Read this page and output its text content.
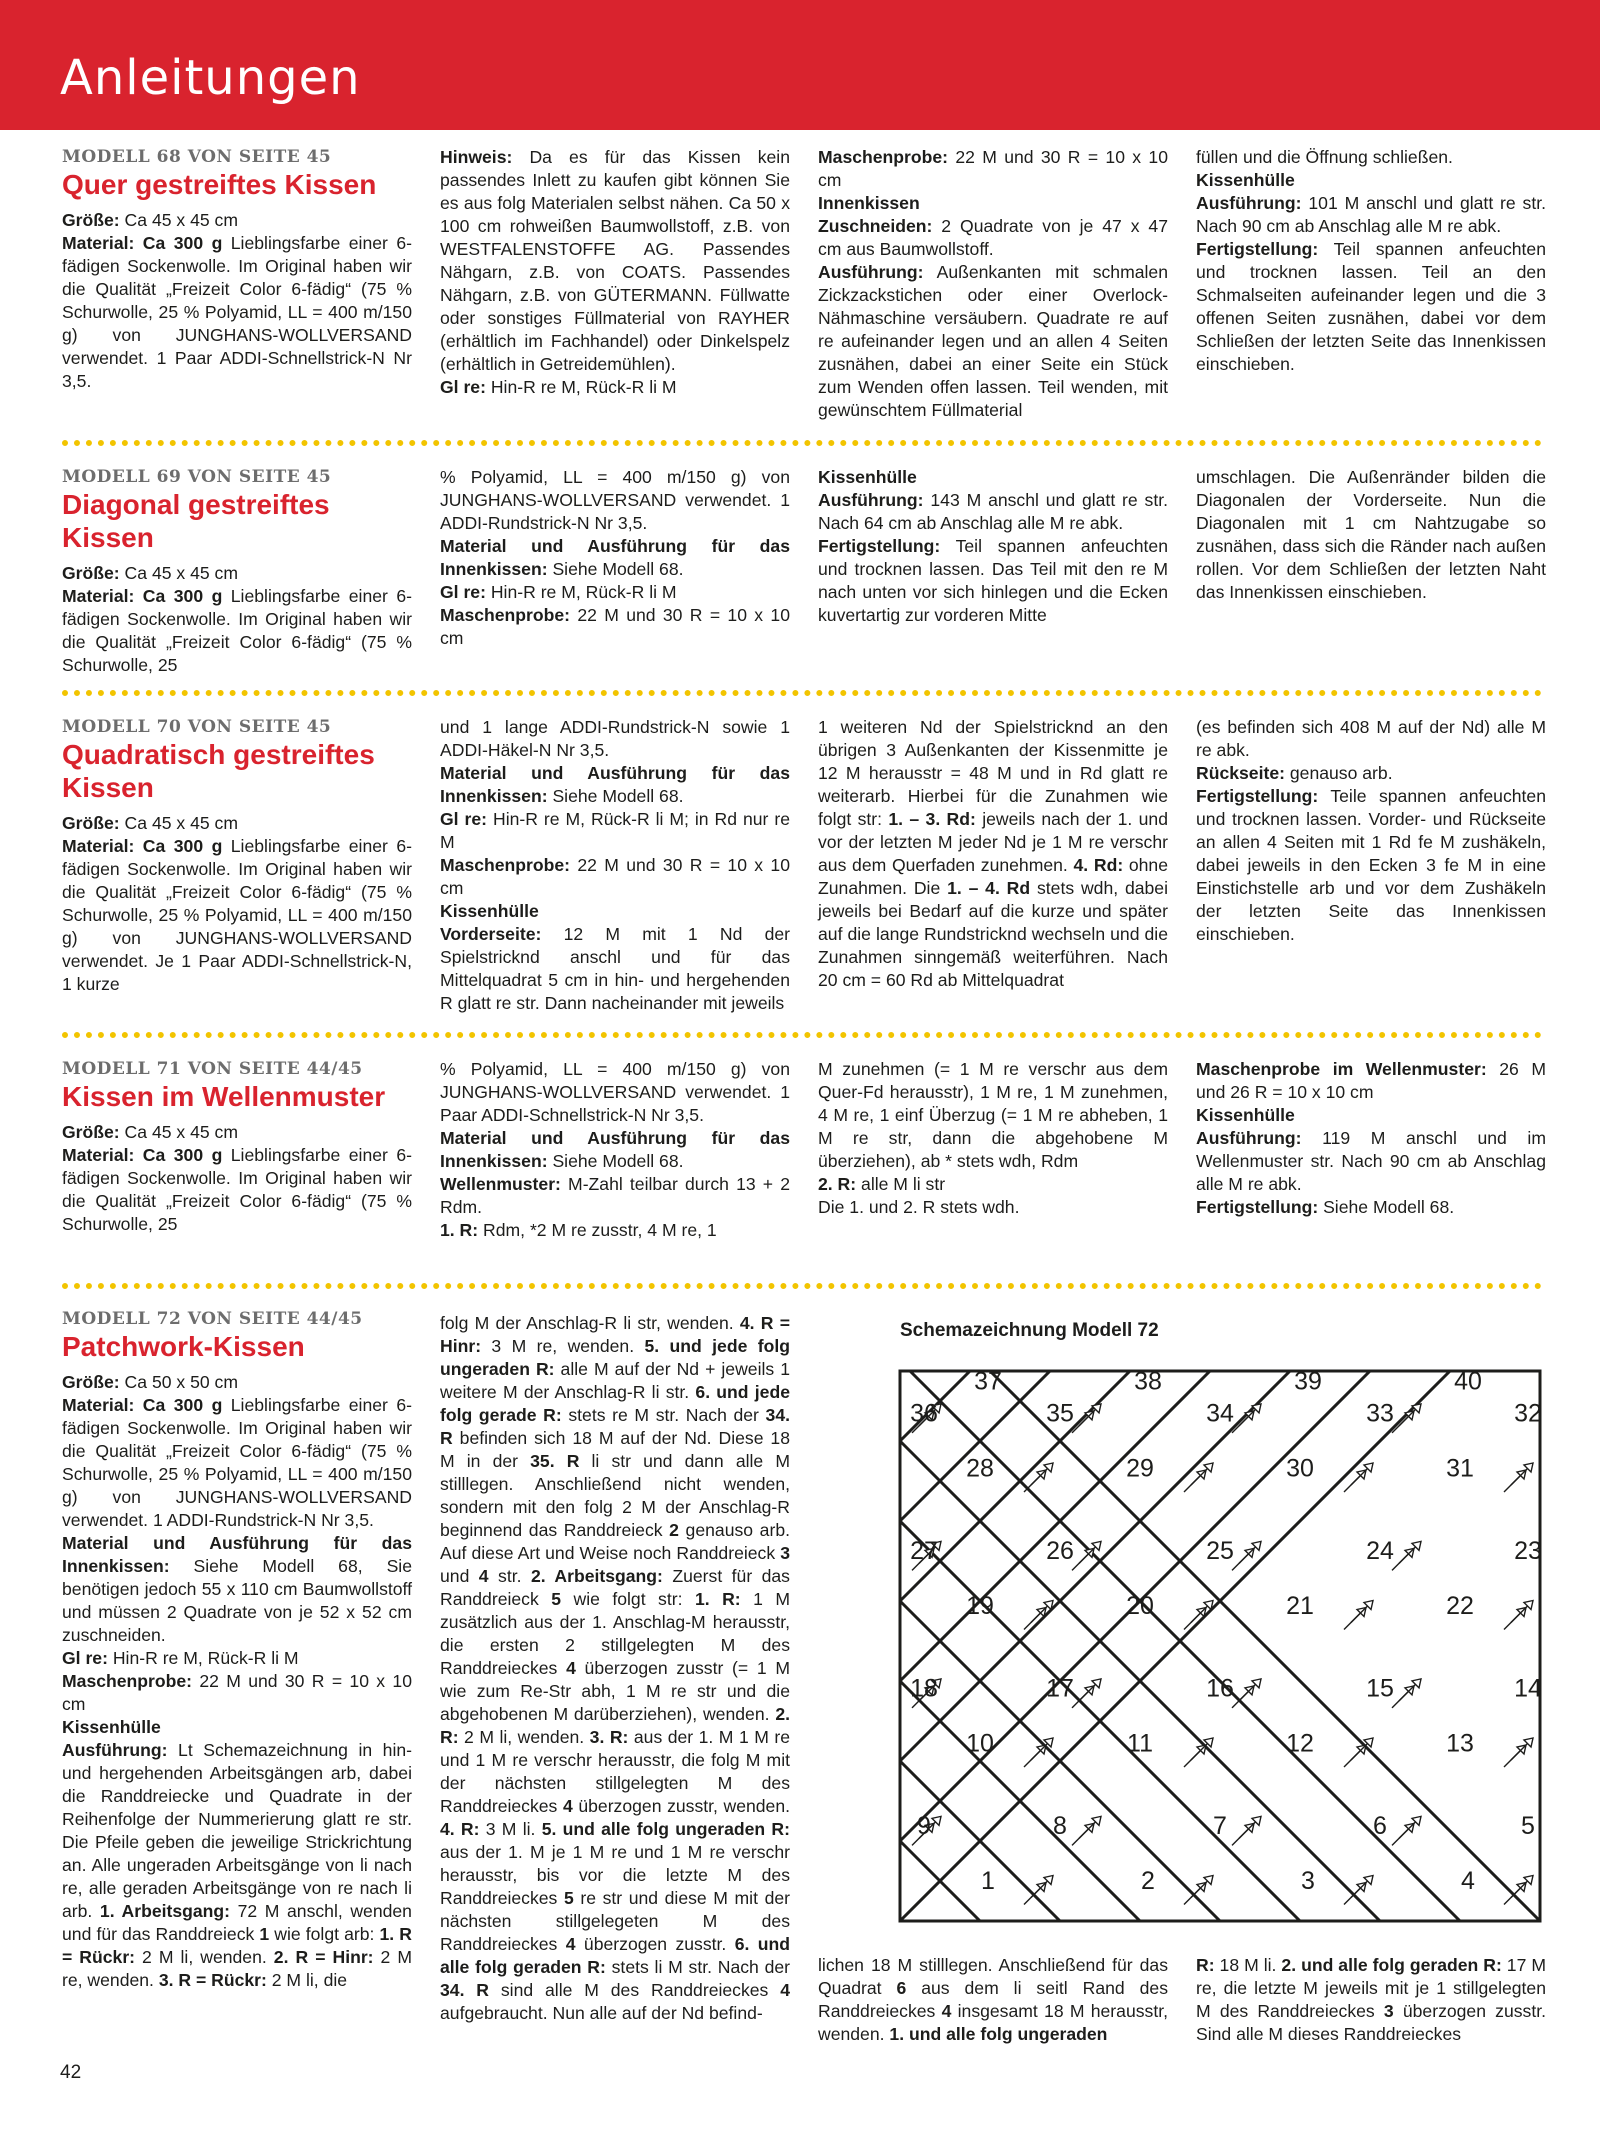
Anleitungen
MODELL 68 VON SEITE 45
Quer gestreiftes Kissen

Größe: Ca 45 x 45 cm

Material: Ca 300 g Lieblingsfarbe einer 6-fädigen Sockenwolle. Im Original haben wir die Qualität „Freizeit Color 6-fädig“ (75 % Schurwolle, 25 % Polyamid, LL = 400 m/150 g) von JUNGHANS-WOLLVERSAND verwendet. 1 Paar ADDI-Schnellstrick-N Nr 3,5.

Hinweis: Da es für das Kissen kein passendes Inlett zu kaufen gibt können Sie es aus folg Materialen selbst nähen. Ca 50 x 100 cm rohweißen Baumwollstoff, z.B. von WESTFALENSTOFFE AG. Passendes Nähgarn, z.B. von COATS. Passendes Nähgarn, z.B. von GÜTERMANN. Füllwatte oder sonstiges Füllmaterial von RAYHER (erhältlich im Fachhandel) oder Dinkelspelz (erhältlich in Getreidemühlen).

Gl re: Hin-R re M, Rück-R li M

Maschenprobe: 22 M und 30 R = 10 x 10 cm

Innenkissen

Zuschneiden: 2 Quadrate von je 47 x 47 cm aus Baumwollstoff.

Ausführung: Außenkanten mit schmalen Zickzackstichen oder einer Overlock-Nähmaschine versäubern. Quadrate re auf re aufeinander legen und an allen 4 Seiten zusnähen, dabei an einer Seite ein Stück zum Wenden offen lassen. Teil wenden, mit gewünschtem Füllmaterial

füllen und die Öffnung schließen.

Kissenhülle

Ausführung: 101 M anschl und glatt re str. Nach 90 cm ab Anschlag alle M re abk.

Fertigstellung: Teil spannen anfeuchten und trocknen lassen. Teil an den Schmalseiten aufeinander legen und die 3 offenen Seiten zusnähen, dabei vor dem Schließen der letzten Seite das Innenkissen einschieben.

MODELL 69 VON SEITE 45
Diagonal gestreiftes Kissen

Größe: Ca 45 x 45 cm

Material: Ca 300 g Lieblingsfarbe einer 6-fädigen Sockenwolle. Im Original haben wir die Qualität „Freizeit Color 6-fädig“ (75 % Schurwolle, 25

% Polyamid, LL = 400 m/150 g) von JUNGHANS-WOLLVERSAND verwendet. 1 ADDI-Rundstrick-N Nr 3,5.

Material und Ausführung für das Innenkissen: Siehe Modell 68.

Gl re: Hin-R re M, Rück-R li M

Maschenprobe: 22 M und 30 R = 10 x 10 cm

Kissenhülle

Ausführung: 143 M anschl und glatt re str. Nach 64 cm ab Anschlag alle M re abk.

Fertigstellung: Teil spannen anfeuchten und trocknen lassen. Das Teil mit den re M nach unten vor sich hinlegen und die Ecken kuvertartig zur vorderen Mitte

umschlagen. Die Außenränder bilden die Diagonalen der Vorderseite. Nun die Diagonalen mit 1 cm Nahtzugabe so zusnähen, dass sich die Ränder nach außen rollen. Vor dem Schließen der letzten Naht das Innenkissen einschieben.

MODELL 70 VON SEITE 45
Quadratisch gestreiftes Kissen

Größe: Ca 45 x 45 cm

Material: Ca 300 g Lieblingsfarbe einer 6-fädigen Sockenwolle. Im Original haben wir die Qualität „Freizeit Color 6-fädig“ (75 % Schurwolle, 25 % Polyamid, LL = 400 m/150 g) von JUNGHANS-WOLLVERSAND verwendet. Je 1 Paar ADDI-Schnellstrick-N, 1 kurze

und 1 lange ADDI-Rundstrick-N sowie 1 ADDI-Häkel-N Nr 3,5.

Material und Ausführung für das Innenkissen: Siehe Modell 68.

Gl re: Hin-R re M, Rück-R li M; in Rd nur re M

Maschenprobe: 22 M und 30 R = 10 x 10 cm

Kissenhülle

Vorderseite: 12 M mit 1 Nd der Spielstricknd anschl und für das Mittelquadrat 5 cm in hin- und hergehenden R glatt re str. Dann nacheinander mit jeweils

1 weiteren Nd der Spielstricknd an den übrigen 3 Außenkanten der Kissenmitte je 12 M herausstr = 48 M und in Rd glatt re weiterarb. Hierbei für die Zunahmen wie folgt str: 1. – 3. Rd: jeweils nach der 1. und vor der letzten M jeder Nd je 1 M re verschr aus dem Querfaden zunehmen. 4. Rd: ohne Zunahmen. Die 1. – 4. Rd stets wdh, dabei jeweils bei Bedarf auf die kurze und später auf die lange Rundstricknd wechseln und die Zunahmen sinngemäß weiterführen. Nach 20 cm = 60 Rd ab Mittelquadrat

(es befinden sich 408 M auf der Nd) alle M re abk.

Rückseite: genauso arb.

Fertigstellung: Teile spannen anfeuchten und trocknen lassen. Vorder- und Rückseite an allen 4 Seiten mit 1 Rd fe M zushäkeln, dabei jeweils in den Ecken 3 fe M in eine Einstichstelle arb und vor dem Zushäkeln der letzten Seite das Innenkissen einschieben.

MODELL 71 VON SEITE 44/45
Kissen im Wellenmuster

Größe: Ca 45 x 45 cm

Material: Ca 300 g Lieblingsfarbe einer 6-fädigen Sockenwolle. Im Original haben wir die Qualität „Freizeit Color 6-fädig“ (75 % Schurwolle, 25

% Polyamid, LL = 400 m/150 g) von JUNGHANS-WOLLVERSAND verwendet. 1 Paar ADDI-Schnellstrick-N Nr 3,5.

Material und Ausführung für das Innenkissen: Siehe Modell 68.

Wellenmuster: M-Zahl teilbar durch 13 + 2 Rdm.

1. R: Rdm, *2 M re zusstr, 4 M re, 1

M zunehmen (= 1 M re verschr aus dem Quer-Fd herausstr), 1 M re, 1 M zunehmen, 4 M re, 1 einf Überzug (= 1 M re abheben, 1 M re str, dann die abgehobene M überziehen), ab * stets wdh, Rdm

2. R: alle M li str

Die 1. und 2. R stets wdh.

Maschenprobe im Wellenmuster: 26 M und 26 R = 10 x 10 cm

Kissenhülle

Ausführung: 119 M anschl und im Wellenmuster str. Nach 90 cm ab Anschlag alle M re abk.

Fertigstellung: Siehe Modell 68.

MODELL 72 VON SEITE 44/45
Patchwork-Kissen

Größe: Ca 50 x 50 cm

Material: Ca 300 g Lieblingsfarbe einer 6-fädigen Sockenwolle. Im Original haben wir die Qualität „Freizeit Color 6-fädig“ (75 % Schurwolle, 25 % Polyamid, LL = 400 m/150 g) von JUNGHANS-WOLLVERSAND verwendet. 1 ADDI-Rundstrick-N Nr 3,5.

Material und Ausführung für das Innenkissen: Siehe Modell 68, Sie benötigen jedoch 55 x 110 cm Baumwollstoff und müssen 2 Quadrate von je 52 x 52 cm zuschneiden.

Gl re: Hin-R re M, Rück-R li M

Maschenprobe: 22 M und 30 R = 10 x 10 cm

Kissenhülle

Ausführung: Lt Schemazeichnung in hin- und hergehenden Arbeitsgängen arb, dabei die Randdreiecke und Quadrate in der Reihenfolge der Nummerierung glatt re str. Die Pfeile geben die jeweilige Strickrichtung an. Alle ungeraden Arbeitsgänge von li nach re, alle geraden Arbeitsgänge von re nach li arb. 1. Arbeitsgang: 72 M anschl, wenden und für das Randdreieck 1 wie folgt arb: 1. R = Rückr: 2 M li, wenden. 2. R = Hinr: 2 M re, wenden. 3. R = Rückr: 2 M li, die

folg M der Anschlag-R li str, wenden. 4. R = Hinr: 3 M re, wenden. 5. und jede folg ungeraden R: alle M auf der Nd + jeweils 1 weitere M der Anschlag-R li str. 6. und jede folg gerade R: stets re M str. Nach der 34. R befinden sich 18 M auf der Nd. Diese 18 M in der 35. R li str und dann alle M stilllegen. Anschließend nicht wenden, sondern mit den folg 2 M der Anschlag-R beginnend das Randdreieck 2 genauso arb. Auf diese Art und Weise noch Randdreieck 3 und 4 str. 2. Arbeitsgang: Zuerst für das Randdreieck 5 wie folgt str: 1. R: 1 M zusätzlich aus der 1. Anschlag-M herausstr, die ersten 2 stillgelegten M des Randdreieckes 4 überzogen zusstr (= 1 M wie zum Re-Str abh, 1 M re str und die abgehobenen M darüberziehen), wenden. 2. R: 2 M li, wenden. 3. R: aus der 1. M 1 M re und 1 M re verschr herausstr, die folg M mit der nächsten stillgelegten M des Randdreieckes 4 überzogen zusstr, wenden. 4. R: 3 M li. 5. und alle folg ungeraden R: aus der 1. M je 1 M re und 1 M re verschr herausstr, bis vor die letzte M des Randdreieckes 5 re str und diese M mit der nächsten stillgelegeten M des Randdreieckes 4 überzogen zusstr. 6. und alle folg geraden R: stets li M str. Nach der 34. R sind alle M des Randdreieckes 4 aufgebraucht. Nun alle auf der Nd befind-

lichen 18 M stilllegen. Anschließend für das Quadrat 6 aus dem li seitl Rand des Randdreieckes 4 insgesamt 18 M herausstr, wenden. 1. und alle folg ungeraden

R: 18 M li. 2. und alle folg geraden R: 17 M re, die letzte M jeweils mit je 1 stillgelegten M des Randdreieckes 3 überzogen zusstr. Sind alle M dieses Randdreieckes

Schemazeichnung Modell 72
1	2	3	4
5
6
7
8
9
10	11	12	13
14
15
16
17
18
19	20	21	22
23
24
25
26
27
28	29	30	31
32
33
34
35
36
37	38	39	40
42
